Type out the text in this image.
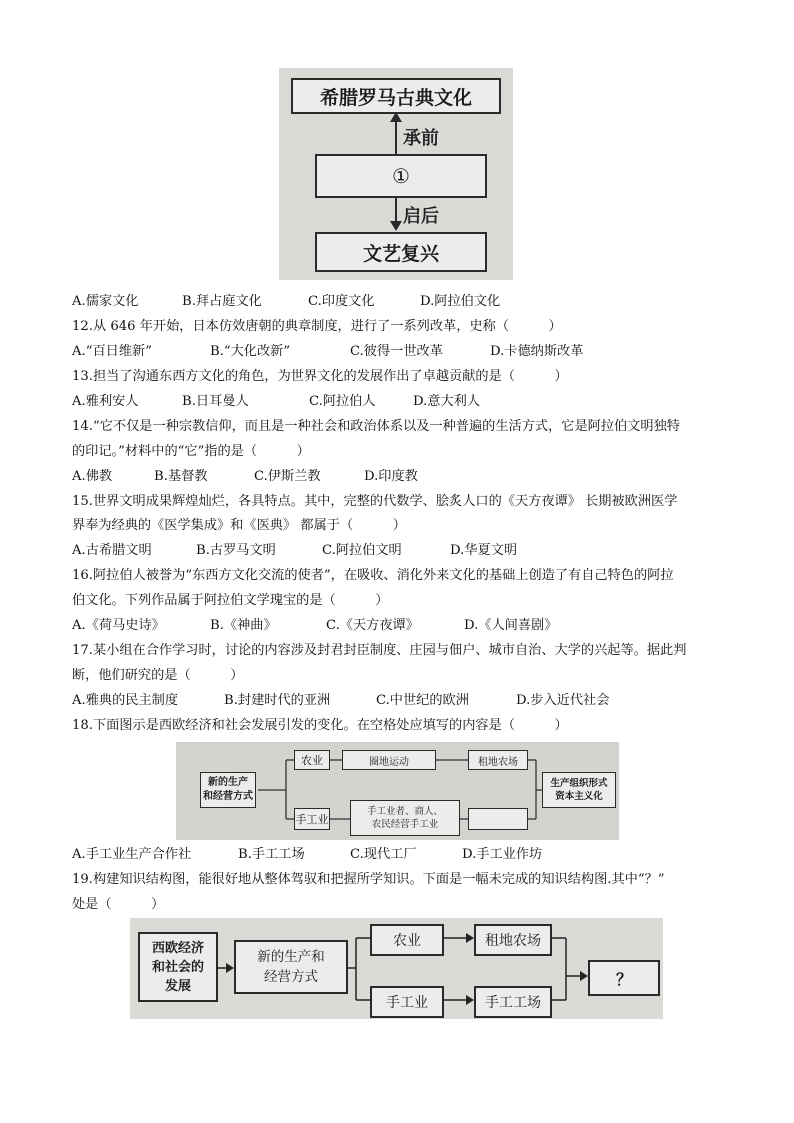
希腊罗马古典文化
承前
①
启后
文艺复兴
A.儒家文化	B.拜占庭文化	C.印度文化	D.阿拉伯文化
12.从 646 年开始，日本仿效唐朝的典章制度，进行了一系列改革，史称（　　　）
A.“百日维新”	B.“大化改新”	C.彼得一世改革	D.卡德纳斯改革
13.担当了沟通东西方文化的角色，为世界文化的发展作出了卓越贡献的是（　　　）
A.雅利安人	B.日耳曼人	C.阿拉伯人	D.意大利人
14.“它不仅是一种宗教信仰，而且是一种社会和政治体系以及一种普遍的生活方式，它是阿拉伯文明独特
的印记。”材料中的“它”指的是（　　　）
A.佛教	B.基督教	C.伊斯兰教	D.印度教
15.世界文明成果辉煌灿烂，各具特点。其中，完整的代数学、脍炙人口的《天方夜谭》 长期被欧洲医学
界奉为经典的《医学集成》和《医典》 都属于（　　　）
A.古希腊文明	B.古罗马文明	C.阿拉伯文明	D.华夏文明
16.阿拉伯人被誉为“东西方文化交流的使者”，在吸收、消化外来文化的基础上创造了有自己特色的阿拉
伯文化。下列作品属于阿拉伯文学瑰宝的是（　　　）
A.《荷马史诗》	B.《神曲》	C.《天方夜谭》	D.《人间喜剧》
17.某小组在合作学习时，讨论的内容涉及封君封臣制度、庄园与佃户、城市自治、大学的兴起等。据此判
断，他们研究的是（　　　）
A.雅典的民主制度	B.封建时代的亚洲	C.中世纪的欧洲	D.步入近代社会
18.下面图示是西欧经济和社会发展引发的变化。在空格处应填写的内容是（　　　）
新的生产
和经营方式
农业	圈地运动	租地农场
手工业
手工业者、商人、
农民经营手工业
生产组织形式
资本主义化
A.手工业生产合作社	B.手工工场	C.现代工厂	D.手工业作坊
19.构建知识结构图，能很好地从整体驾驭和把握所学知识。下面是一幅未完成的知识结构图.其中“？”
处是（　　　）
西欧经济
和社会的
发展
新的生产和
经营方式
农业	租地农场
手工业	手工工场
？
